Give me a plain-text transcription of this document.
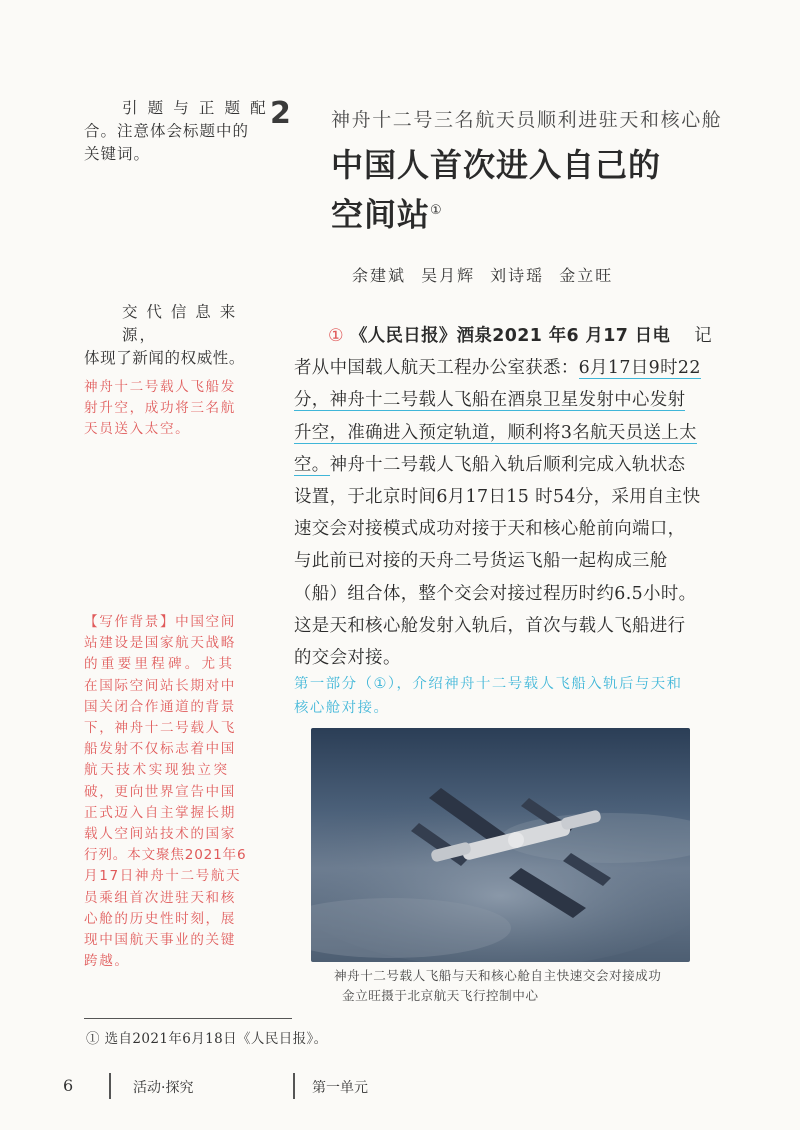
引 题 与 正 题 配
合。注意体会标题中的
关键词。
交 代 信 息 来 源，
体现了新闻的权威性。
神舟十二号载人飞船发
射升空，成功将三名航
天员送入太空。
【写作背景】中国空间
站建设是国家航天战略
的重要里程碑。尤其
在国际空间站长期对中
国关闭合作通道的背景
下，神舟十二号载人飞
船发射不仅标志着中国
航天技术实现独立突
破，更向世界宣告中国
正式迈入自主掌握长期
载人空间站技术的国家
行列。本文聚焦2021年6
月17日神舟十二号航天
员乘组首次进驻天和核
心舱的历史性时刻，展
现中国航天事业的关键
跨越。
2 神舟十二号三名航天员顺利进驻天和核心舱
中国人首次进入自己的
空间站①
余建斌 吴月辉 刘诗瑶 金立旺
① 《人民日报》酒泉2021 年6 月17 日电 记
者从中国载人航天工程办公室获悉：6月17日9时22
分，神舟十二号载人飞船在酒泉卫星发射中心发射
升空，准确进入预定轨道，顺利将3名航天员送上太
空。神舟十二号载人飞船入轨后顺利完成入轨状态
设置，于北京时间6月17日15 时54分，采用自主快
速交会对接模式成功对接于天和核心舱前向端口，
与此前已对接的天舟二号货运飞船一起构成三舱
（船）组合体，整个交会对接过程历时约6.5小时。
这是天和核心舱发射入轨后，首次与载人飞船进行
的交会对接。
第一部分（①），介绍神舟十二号载人飞船入轨后与天和
核心舱对接。
神舟十二号载人飞船与天和核心舱自主快速交会对接成功
金立旺摄于北京航天飞行控制中心
① 选自2021年6月18日《人民日报》。
6	活动·探究	第一单元
